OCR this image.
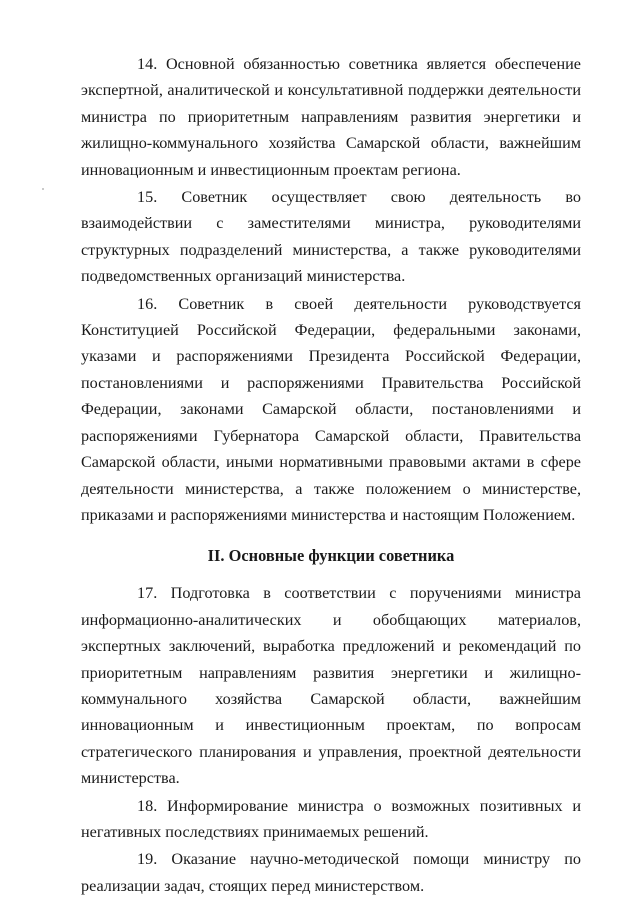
14. Основной обязанностью советника является обеспечение экспертной, аналитической и консультативной поддержки деятельности министра по приоритетным направлениям развития энергетики и жилищно-коммунального хозяйства Самарской области, важнейшим инновационным и инвестиционным проектам региона.

15. Советник осуществляет свою деятельность во взаимодействии с заместителями министра, руководителями структурных подразделений министерства, а также руководителями подведомственных организаций министерства.

16. Советник в своей деятельности руководствуется Конституцией Российской Федерации, федеральными законами, указами и распоряжениями Президента Российской Федерации, постановлениями и распоряжениями Правительства Российской Федерации, законами Самарской области, постановлениями и распоряжениями Губернатора Самарской области, Правительства Самарской области, иными нормативными правовыми актами в сфере деятельности министерства, а также положением о министерстве, приказами и распоряжениями министерства и настоящим Положением.

II. Основные функции советника

17. Подготовка в соответствии с поручениями министра информационно-аналитических и обобщающих материалов, экспертных заключений, выработка предложений и рекомендаций по приоритетным направлениям развития энергетики и жилищно-коммунального хозяйства Самарской области, важнейшим инновационным и инвестиционным проектам, по вопросам стратегического планирования и управления, проектной деятельности министерства.

18. Информирование министра о возможных позитивных и негативных последствиях принимаемых решений.

19. Оказание научно-методической помощи министру по реализации задач, стоящих перед министерством.
